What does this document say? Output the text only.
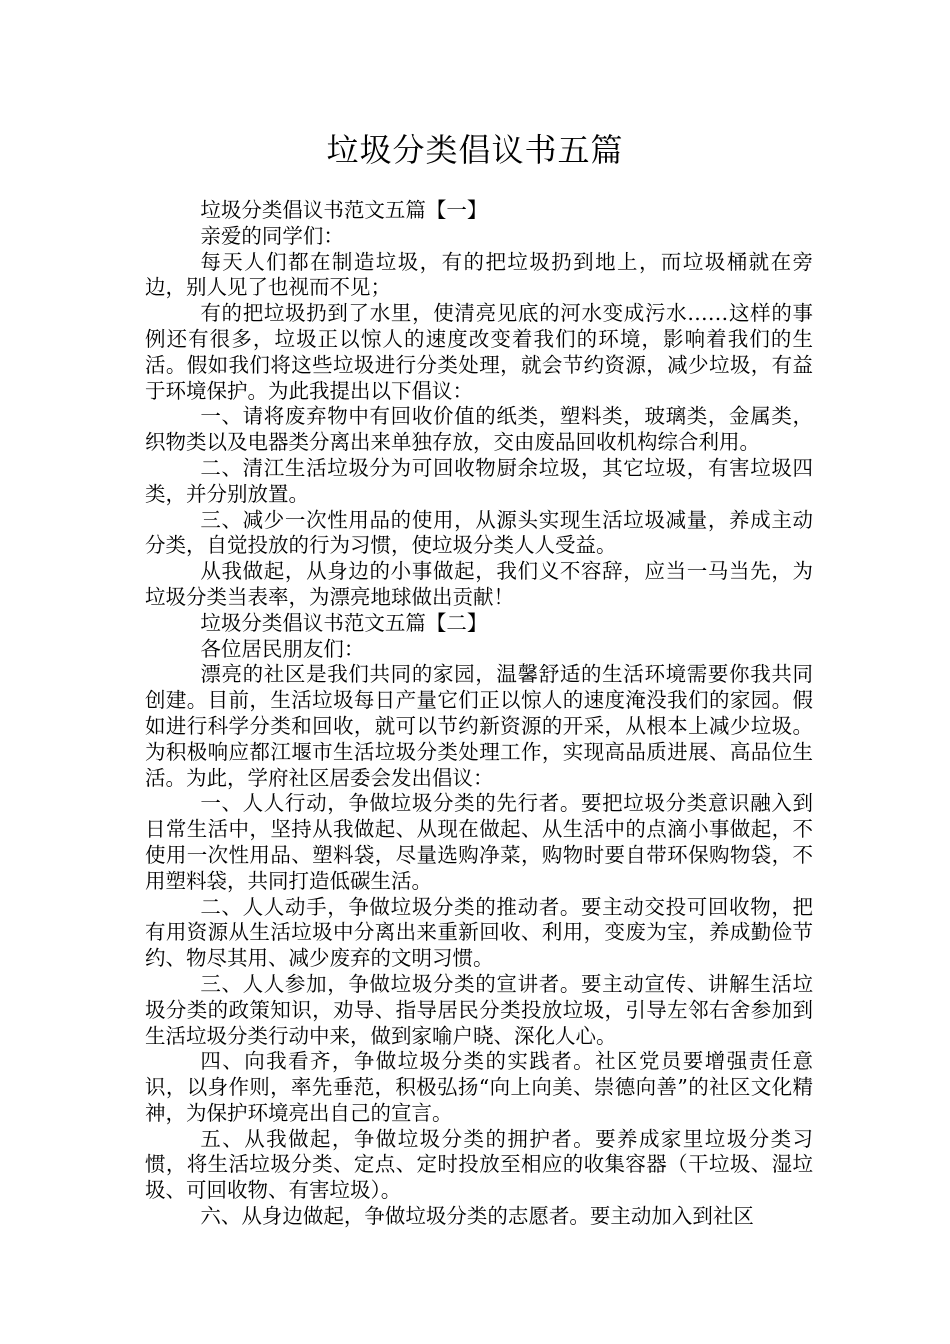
垃圾分类倡议书五篇

垃圾分类倡议书范文五篇【一】

亲爱的同学们：

每天人们都在制造垃圾，有的把垃圾扔到地上，而垃圾桶就在旁边，别人见了也视而不见；

有的把垃圾扔到了水里，使清亮见底的河水变成污水……这样的事例还有很多，垃圾正以惊人的速度改变着我们的环境，影响着我们的生活。假如我们将这些垃圾进行分类处理，就会节约资源，减少垃圾，有益于环境保护。为此我提出以下倡议：

一、请将废弃物中有回收价值的纸类，塑料类，玻璃类，金属类，织物类以及电器类分离出来单独存放，交由废品回收机构综合利用。

二、清江生活垃圾分为可回收物厨余垃圾，其它垃圾，有害垃圾四类，并分别放置。

三、减少一次性用品的使用，从源头实现生活垃圾减量，养成主动分类，自觉投放的行为习惯，使垃圾分类人人受益。

从我做起，从身边的小事做起，我们义不容辞，应当一马当先，为垃圾分类当表率，为漂亮地球做出贡献！

垃圾分类倡议书范文五篇【二】

各位居民朋友们：

漂亮的社区是我们共同的家园，温馨舒适的生活环境需要你我共同创建。目前，生活垃圾每日产量它们正以惊人的速度淹没我们的家园。假如进行科学分类和回收，就可以节约新资源的开采，从根本上减少垃圾。为积极响应都江堰市生活垃圾分类处理工作，实现高品质进展、高品位生活。为此，学府社区居委会发出倡议：

一、人人行动，争做垃圾分类的先行者。要把垃圾分类意识融入到日常生活中，坚持从我做起、从现在做起、从生活中的点滴小事做起，不使用一次性用品、塑料袋，尽量选购净菜，购物时要自带环保购物袋，不用塑料袋，共同打造低碳生活。

二、人人动手，争做垃圾分类的推动者。要主动交投可回收物，把有用资源从生活垃圾中分离出来重新回收、利用，变废为宝，养成勤俭节约、物尽其用、减少废弃的文明习惯。

三、人人参加，争做垃圾分类的宣讲者。要主动宣传、讲解生活垃圾分类的政策知识，劝导、指导居民分类投放垃圾，引导左邻右舍参加到生活垃圾分类行动中来，做到家喻户晓、深化人心。

四、向我看齐，争做垃圾分类的实践者。社区党员要增强责任意识，以身作则，率先垂范，积极弘扬“向上向美、崇德向善”的社区文化精神，为保护环境亮出自己的宣言。

五、从我做起，争做垃圾分类的拥护者。要养成家里垃圾分类习惯，将生活垃圾分类、定点、定时投放至相应的收集容器（干垃圾、湿垃圾、可回收物、有害垃圾）。

六、从身边做起，争做垃圾分类的志愿者。要主动加入到社区
